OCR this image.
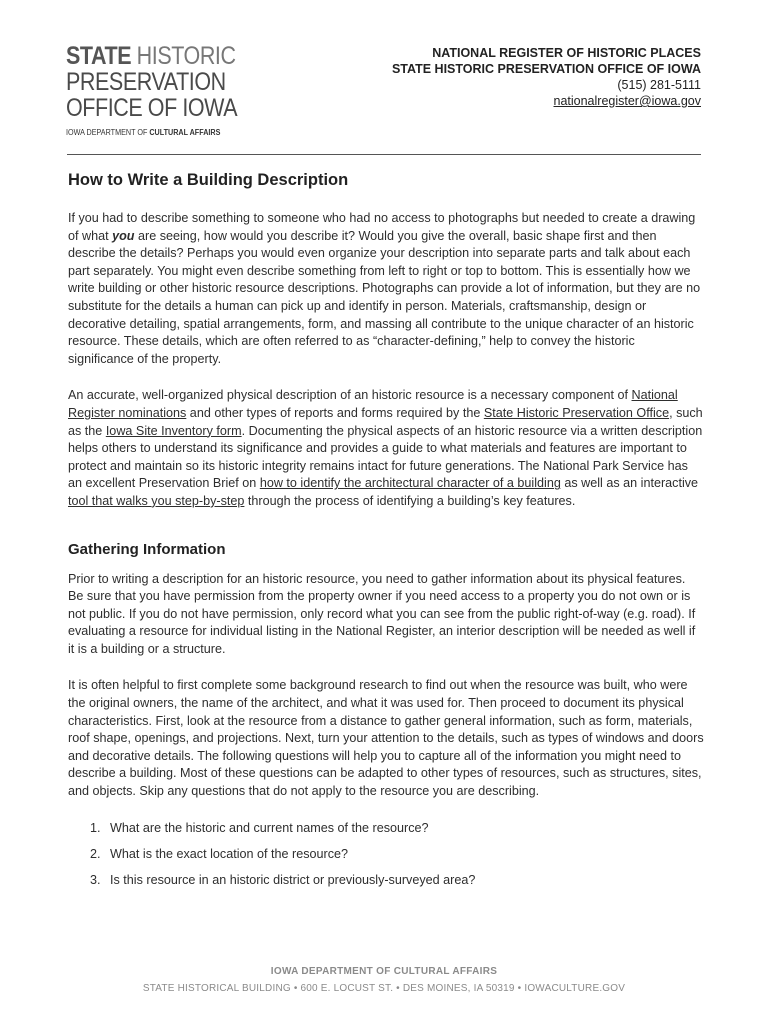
STATE HISTORIC
PRESERVATION
OFFICE OF IOWA
IOWA DEPARTMENT OF CULTURAL AFFAIRS
NATIONAL REGISTER OF HISTORIC PLACES
STATE HISTORIC PRESERVATION OFFICE OF IOWA
(515) 281-5111
nationalregister@iowa.gov
How to Write a Building Description

If you had to describe something to someone who had no access to photographs but needed to create a drawing of what you are seeing, how would you describe it? Would you give the overall, basic shape first and then describe the details? Perhaps you would even organize your description into separate parts and talk about each part separately. You might even describe something from left to right or top to bottom. This is essentially how we write building or other historic resource descriptions. Photographs can provide a lot of information, but they are no substitute for the details a human can pick up and identify in person. Materials, craftsmanship, design or decorative detailing, spatial arrangements, form, and massing all contribute to the unique character of an historic resource. These details, which are often referred to as “character-defining,” help to convey the historic significance of the property.

An accurate, well-organized physical description of an historic resource is a necessary component of National Register nominations and other types of reports and forms required by the State Historic Preservation Office, such as the Iowa Site Inventory form. Documenting the physical aspects of an historic resource via a written description helps others to understand its significance and provides a guide to what materials and features are important to protect and maintain so its historic integrity remains intact for future generations. The National Park Service has an excellent Preservation Brief on how to identify the architectural character of a building as well as an interactive tool that walks you step-by-step through the process of identifying a building’s key features.

Gathering Information

Prior to writing a description for an historic resource, you need to gather information about its physical features. Be sure that you have permission from the property owner if you need access to a property you do not own or is not public. If you do not have permission, only record what you can see from the public right-of-way (e.g. road). If evaluating a resource for individual listing in the National Register, an interior description will be needed as well if it is a building or a structure.

It is often helpful to first complete some background research to find out when the resource was built, who were the original owners, the name of the architect, and what it was used for. Then proceed to document its physical characteristics. First, look at the resource from a distance to gather general information, such as form, materials, roof shape, openings, and projections. Next, turn your attention to the details, such as types of windows and doors and decorative details. The following questions will help you to capture all of the information you might need to describe a building. Most of these questions can be adapted to other types of resources, such as structures, sites, and objects. Skip any questions that do not apply to the resource you are describing.

1. What are the historic and current names of the resource?
2. What is the exact location of the resource?
3. Is this resource in an historic district or previously-surveyed area?
IOWA DEPARTMENT OF CULTURAL AFFAIRS
STATE HISTORICAL BUILDING • 600 E. LOCUST ST. • DES MOINES, IA 50319 • IOWACULTURE.GOV
